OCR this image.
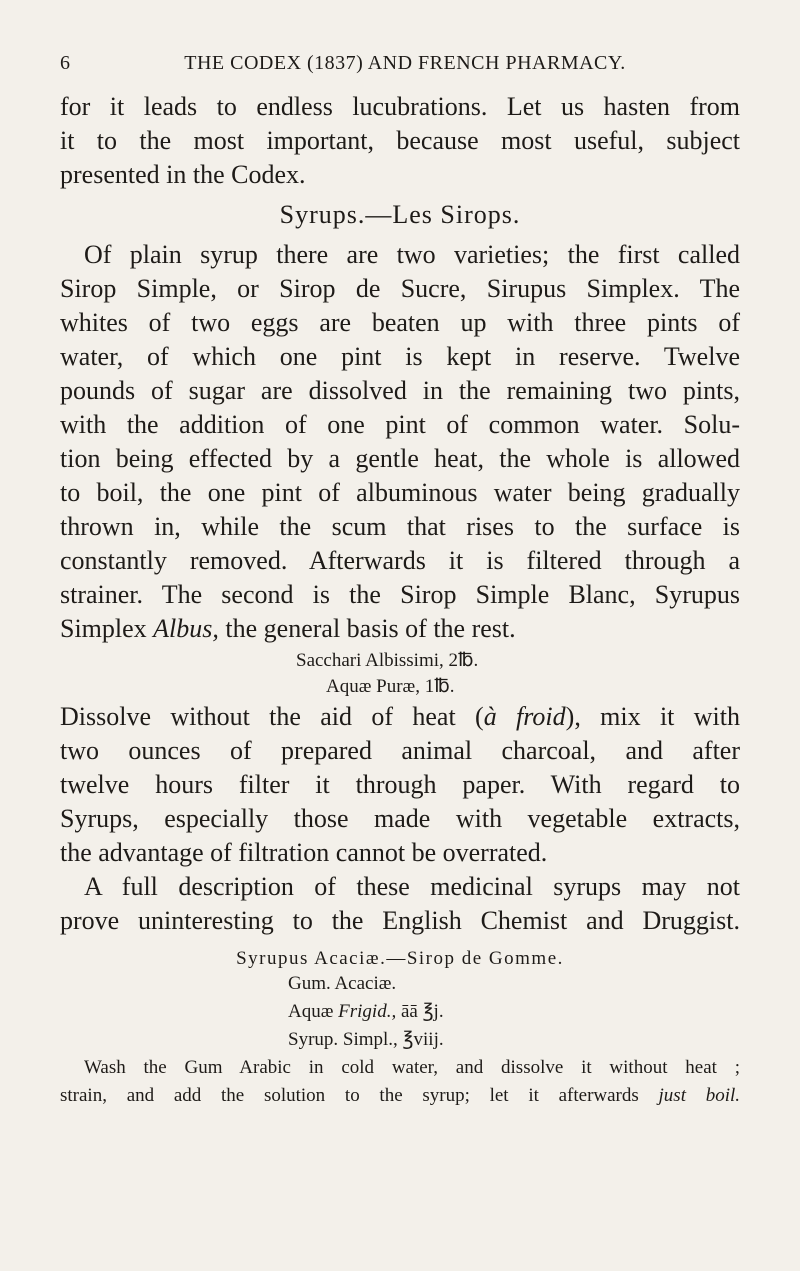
6	THE CODEX (1837) AND FRENCH PHARMACY.
for it leads to endless lucubrations. Let us hasten from
it to the most important, because most useful, subject
presented in the Codex.
Syrups.—Les Sirops.
Of plain syrup there are two varieties; the first called
Sirop Simple, or Sirop de Sucre, Sirupus Simplex. The
whites of two eggs are beaten up with three pints of
water, of which one pint is kept in reserve. Twelve
pounds of sugar are dissolved in the remaining two pints,
with the addition of one pint of common water. Solu-
tion being effected by a gentle heat, the whole is allowed
to boil, the one pint of albuminous water being gradually
thrown in, while the scum that rises to the surface is
constantly removed. Afterwards it is filtered through a
strainer. The second is the Sirop Simple Blanc, Syrupus
Simplex Albus, the general basis of the rest.
Sacchari Albissimi, 2℔.
Aquæ Puræ, 1℔.
Dissolve without the aid of heat (à froid), mix it with
two ounces of prepared animal charcoal, and after
twelve hours filter it through paper. With regard to
Syrups, especially those made with vegetable extracts,
the advantage of filtration cannot be overrated.
A full description of these medicinal syrups may not
prove uninteresting to the English Chemist and Druggist.
Syrupus Acaciæ.—Sirop de Gomme.
Gum. Acaciæ.
Aquæ Frigid., āā ℥j.
Syrup. Simpl., ℥viij.
Wash the Gum Arabic in cold water, and dissolve it without heat ;
strain, and add the solution to the syrup; let it afterwards just boil.
